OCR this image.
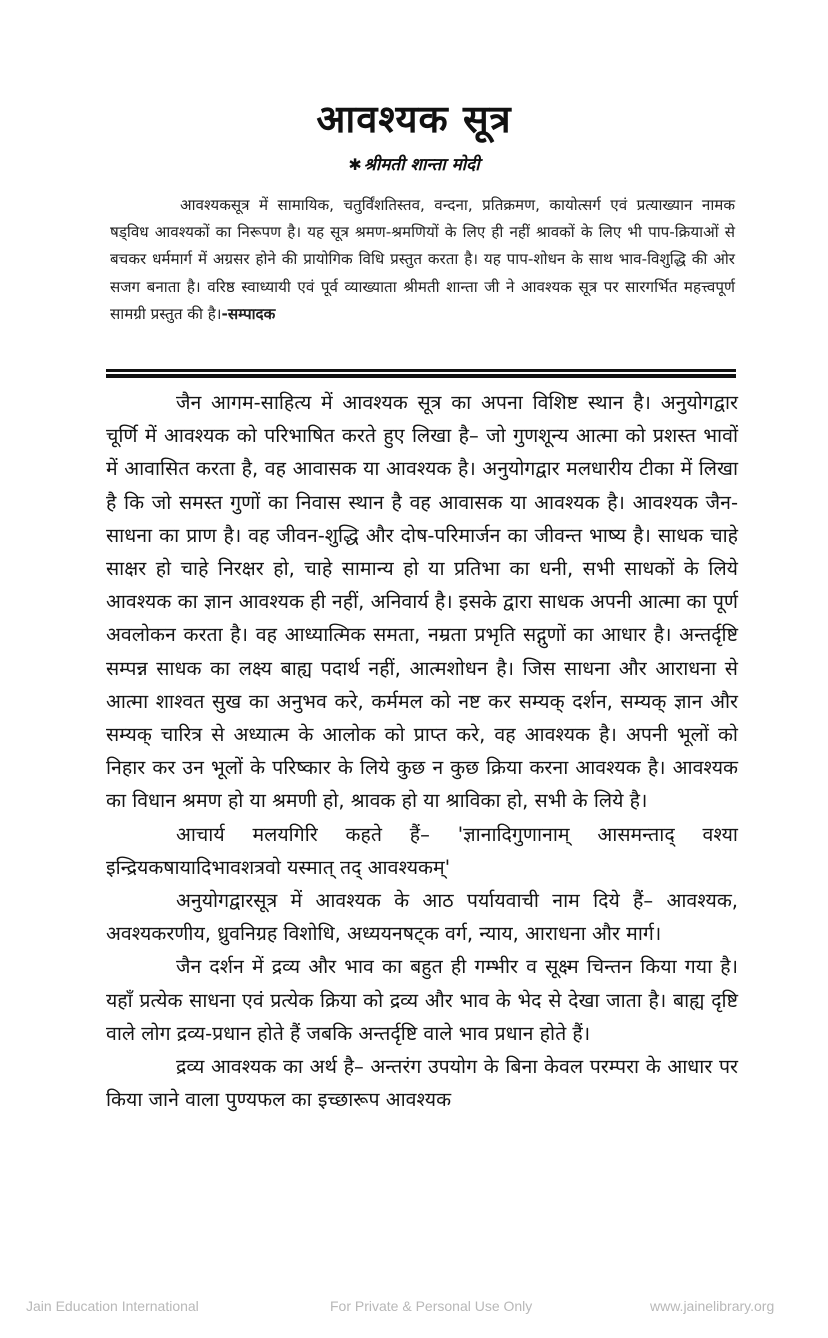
आवश्यक सूत्र
✱ श्रीमती शान्ता मोदी

आवश्यकसूत्र में सामायिक, चतुर्विंशतिस्तव, वन्दना, प्रतिक्रमण, कायोत्सर्ग एवं प्रत्याख्यान नामक षड्विध आवश्यकों का निरूपण है। यह सूत्र श्रमण-श्रमणियों के लिए ही नहीं श्रावकों के लिए भी पाप-क्रियाओं से बचकर धर्ममार्ग में अग्रसर होने की प्रायोगिक विधि प्रस्तुत करता है। यह पाप-शोधन के साथ भाव-विशुद्धि की ओर सजग बनाता है। वरिष्ठ स्वाध्यायी एवं पूर्व व्याख्याता श्रीमती शान्ता जी ने आवश्यक सूत्र पर सारगर्भित महत्त्वपूर्ण सामग्री प्रस्तुत की है।-सम्पादक

जैन आगम-साहित्य में आवश्यक सूत्र का अपना विशिष्ट स्थान है। अनुयोगद्वार चूर्णि में आवश्यक को परिभाषित करते हुए लिखा है– जो गुणशून्य आत्मा को प्रशस्त भावों में आवासित करता है, वह आवासक या आवश्यक है। अनुयोगद्वार मलधारीय टीका में लिखा है कि जो समस्त गुणों का निवास स्थान है वह आवासक या आवश्यक है। आवश्यक जैन-साधना का प्राण है। वह जीवन-शुद्धि और दोष-परिमार्जन का जीवन्त भाष्य है। साधक चाहे साक्षर हो चाहे निरक्षर हो, चाहे सामान्य हो या प्रतिभा का धनी, सभी साधकों के लिये आवश्यक का ज्ञान आवश्यक ही नहीं, अनिवार्य है। इसके द्वारा साधक अपनी आत्मा का पूर्ण अवलोकन करता है। वह आध्यात्मिक समता, नम्रता प्रभृति सद्गुणों का आधार है। अन्तर्दृष्टि सम्पन्न साधक का लक्ष्य बाह्य पदार्थ नहीं, आत्मशोधन है। जिस साधना और आराधना से आत्मा शाश्वत सुख का अनुभव करे, कर्ममल को नष्ट कर सम्यक् दर्शन, सम्यक् ज्ञान और सम्यक् चारित्र से अध्यात्म के आलोक को प्राप्त करे, वह आवश्यक है। अपनी भूलों को निहार कर उन भूलों के परिष्कार के लिये कुछ न कुछ क्रिया करना आवश्यक है। आवश्यक का विधान श्रमण हो या श्रमणी हो, श्रावक हो या श्राविका हो, सभी के लिये है।

आचार्य मलयगिरि कहते हैं– 'ज्ञानादिगुणानाम् आसमन्ताद् वश्या इन्द्रियकषायादिभावशत्रवो यस्मात् तद् आवश्यकम्'

अनुयोगद्वारसूत्र में आवश्यक के आठ पर्यायवाची नाम दिये हैं– आवश्यक, अवश्यकरणीय, ध्रुवनिग्रह विशोधि, अध्ययनषट्क वर्ग, न्याय, आराधना और मार्ग।

जैन दर्शन में द्रव्य और भाव का बहुत ही गम्भीर व सूक्ष्म चिन्तन किया गया है। यहाँ प्रत्येक साधना एवं प्रत्येक क्रिया को द्रव्य और भाव के भेद से देखा जाता है। बाह्य दृष्टि वाले लोग द्रव्य-प्रधान होते हैं जबकि अन्तर्दृष्टि वाले भाव प्रधान होते हैं।

द्रव्य आवश्यक का अर्थ है– अन्तरंग उपयोग के बिना केवल परम्परा के आधार पर किया जाने वाला पुण्यफल का इच्छारूप आवश्यक

Jain Education International	For Private & Personal Use Only	www.jainelibrary.org
